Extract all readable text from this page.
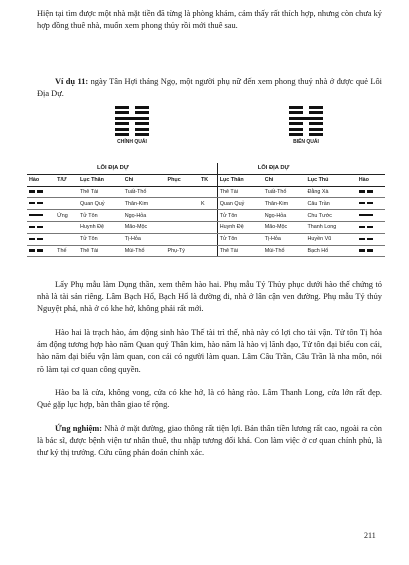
Hiện tại tìm được một nhà mặt tiền đã từng là phòng khám, cảm thấy rất thích hợp, nhưng còn chưa ký hợp đồng thuê nhà, muốn xem phong thủy rồi mới thuê sau.

Ví dụ 11: ngày Tân Hợi tháng Ngọ, một người phụ nữ đến xem phong thuỷ nhà ở được quẻ Lôi Địa Dự.

CHÍNH QUÁI	BIẾN QUÁI
LÔI ĐỊA DỰ						LÔI ĐỊA DỰ			
Hào	T/Ư	Lục Thân	Chi	Phục	TK	Lục Thân	Chi	Lục Thú	Hào
		Thê Tài	Tuất-Thổ			Thê Tài	Tuất-Thổ	Đằng Xà	
		Quan Quỷ	Thân-Kim		K	Quan Quỷ	Thân-Kim	Câu Trần	
	Ứng	Tử Tôn	Ngọ-Hỏa			Tử Tôn	Ngọ-Hỏa	Chu Tước	
		Huynh Đệ	Mão-Mộc			Huynh Đệ	Mão-Mộc	Thanh Long	
		Tử Tôn	Tị-Hỏa			Tử Tôn	Tị-Hỏa	Huyền Vũ	
	Thế	Thê Tài	Mùi-Thổ	Phụ-Tý		Thê Tài	Mùi-Thổ	Bạch Hổ	

Lấy Phụ mẫu làm Dụng thần, xem thêm hào hai. Phụ mẫu Tý Thủy phục dưới hào thế chứng tỏ nhà là tài sản riêng. Lâm Bạch Hổ, Bạch Hổ là đường đi, nhà ở lân cận ven đường. Phụ mẫu Tý thủy Nguyệt phá, nhà ở có khe hở, không phải rất mới.

Hào hai là trạch hào, ám động sinh hào Thế tài trì thế, nhà này có lợi cho tài vận. Tử tôn Tị hỏa ám động tương hợp hào năm Quan quỷ Thân kim, hào năm là hào vị lãnh đạo, Tử tôn đại biểu con cái, hào năm đại biểu vận làm quan, con cái có người làm quan. Lâm Câu Trần, Câu Trần là nha môn, nói rõ làm tại cơ quan công quyền.

Hào ba là cửa, không vong, cửa có khe hở, là có hàng rào. Lâm Thanh Long, cửa lớn rất đẹp. Quẻ gặp lục hợp, bàn thân giao tế rộng.

Ứng nghiệm: Nhà ở mặt đường, giao thông rất tiện lợi. Bản thân tiền lương rất cao, ngoài ra còn là bác sĩ, được bệnh viện tư nhân thuê, thu nhập tương đối khá. Con làm việc ở cơ quan chính phủ, là thư ký thị trưởng. Cứu cũng phán đoán chính xác.

211
